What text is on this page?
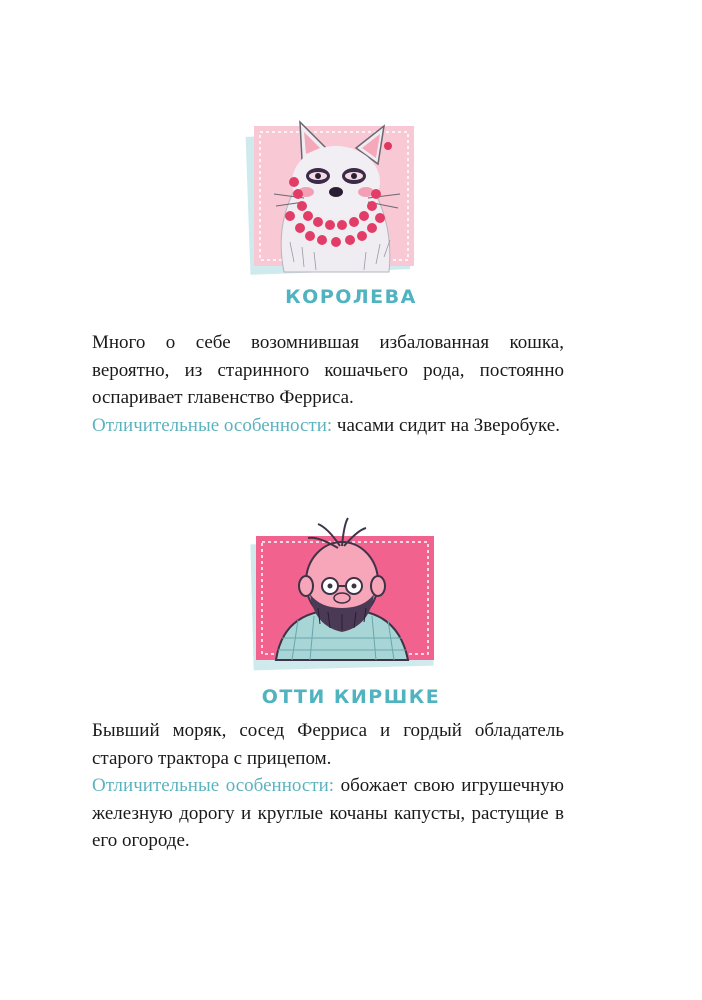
КОРОЛЕВА

Много о себе возомнившая избалованная кошка, вероятно, из старинного кошачьего рода, постоянно оспаривает главенство Ферриса.
Отличительные особенности: часами сидит на Зверобуке.

ОТТИ КИРШКЕ

Бывший моряк, сосед Ферриса и гордый обладатель старого трактора с прицепом.
Отличительные особенности: обожает свою игрушечную железную дорогу и круглые кочаны капусты, растущие в его огороде.
